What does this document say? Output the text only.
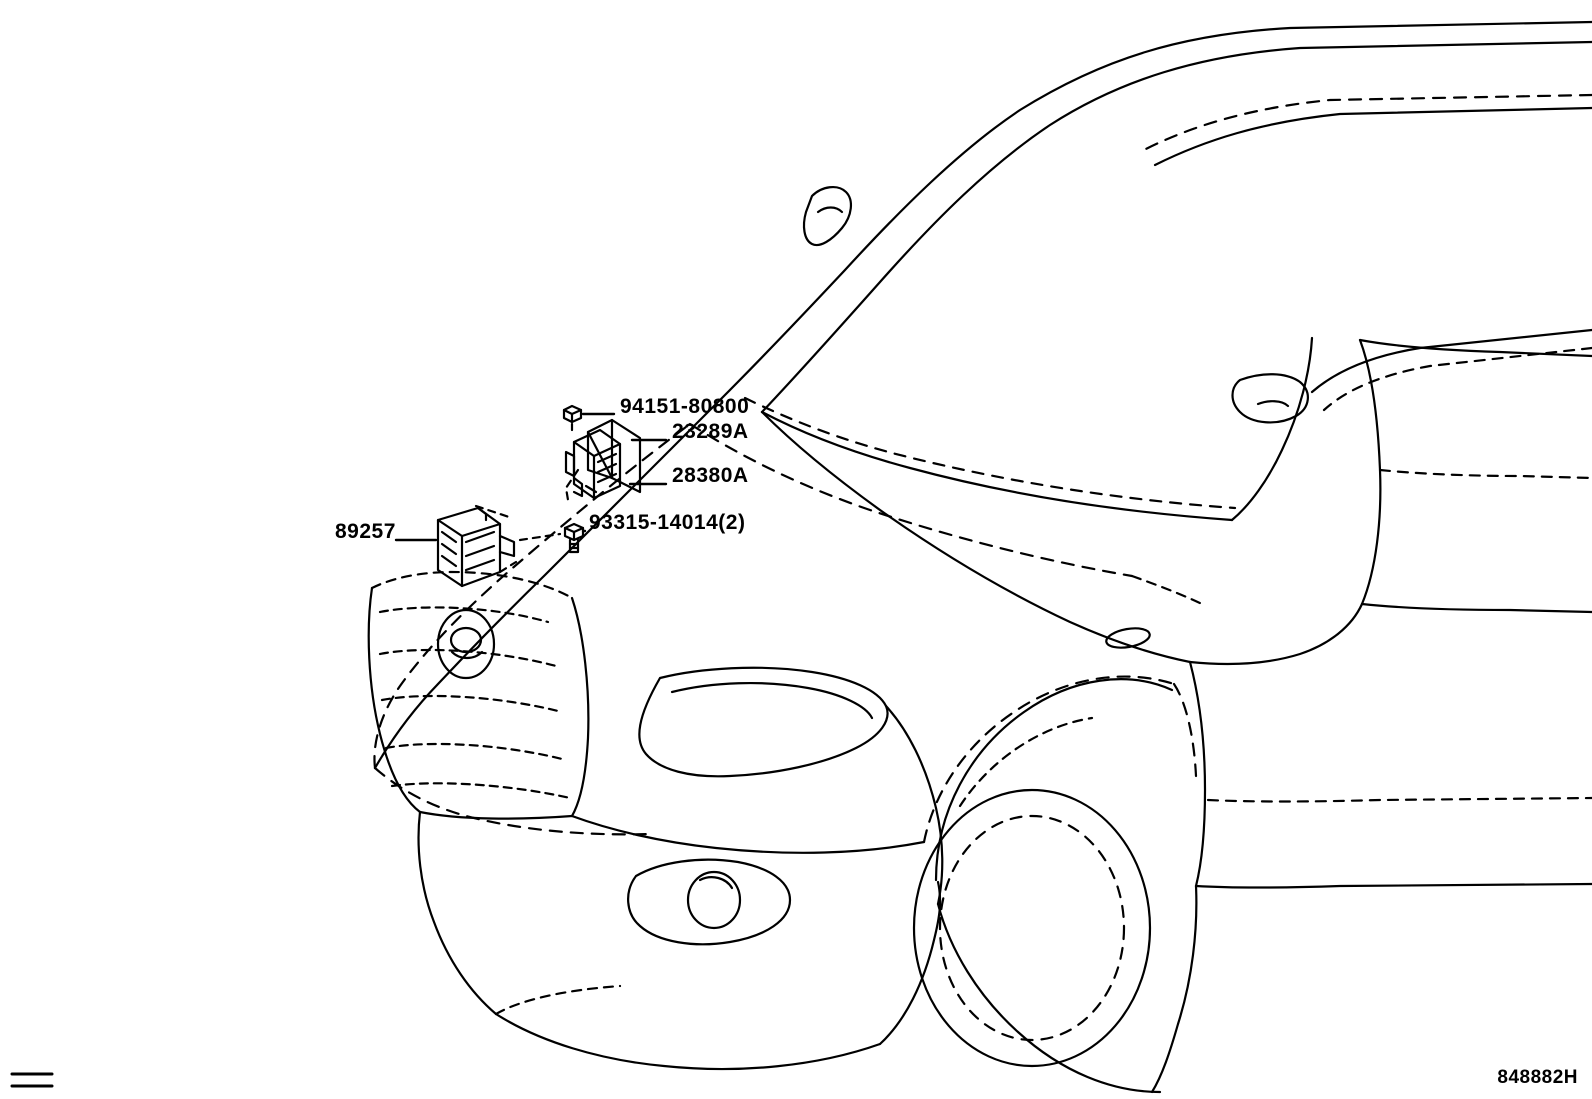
94151-80800
23289A
28380A
89257	93315-14014(2)
848882H
